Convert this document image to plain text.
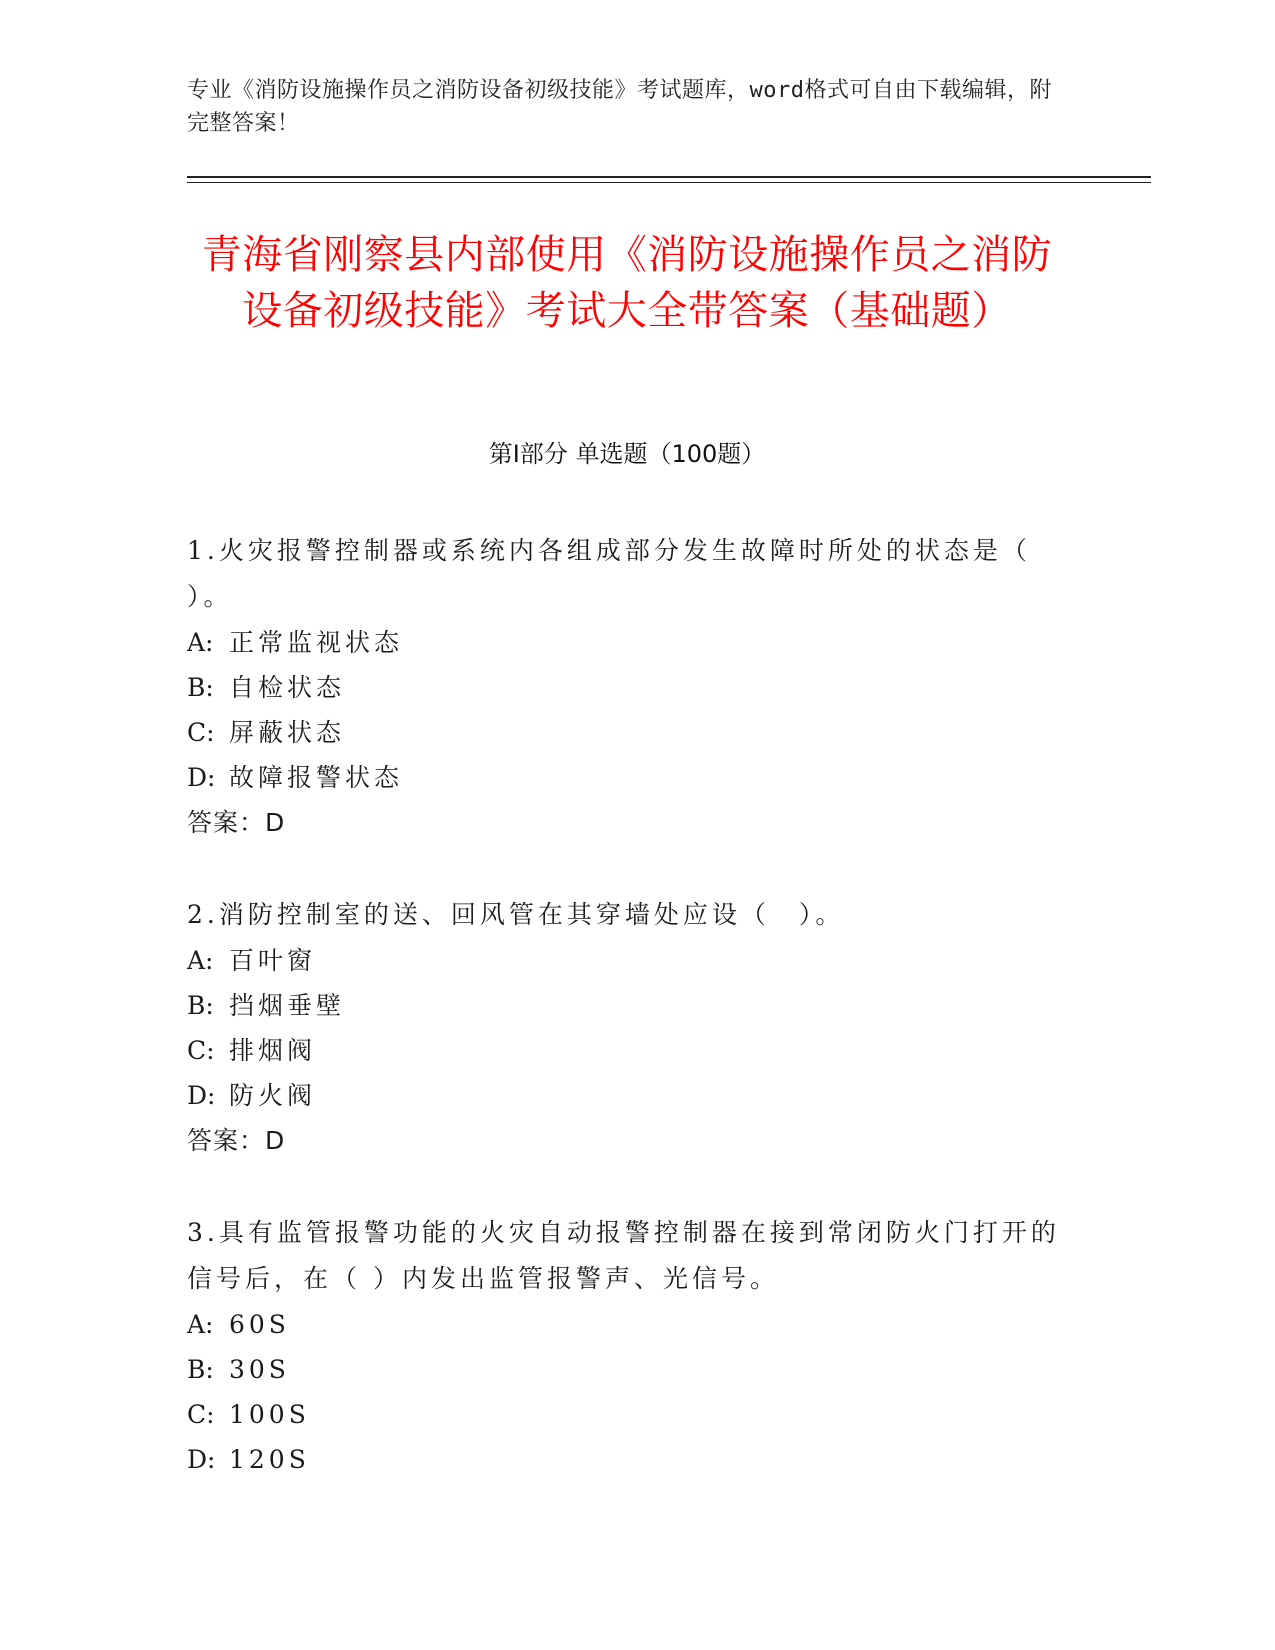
专业《消防设施操作员之消防设备初级技能》考试题库，word格式可自由下载编辑，附完整答案！
青海省刚察县内部使用《消防设施操作员之消防设备初级技能》考试大全带答案（基础题）
第Ⅰ部分 单选题（100题）
1.火灾报警控制器或系统内各组成部分发生故障时所处的状态是（ ）。
A: 正常监视状态
B: 自检状态
C: 屏蔽状态
D: 故障报警状态
答案：D
2.消防控制室的送、回风管在其穿墙处应设（　）。
A: 百叶窗
B: 挡烟垂壁
C: 排烟阀
D: 防火阀
答案：D
3.具有监管报警功能的火灾自动报警控制器在接到常闭防火门打开的信号后，在（ ）内发出监管报警声、光信号。
A: 60S
B: 30S
C: 100S
D: 120S
